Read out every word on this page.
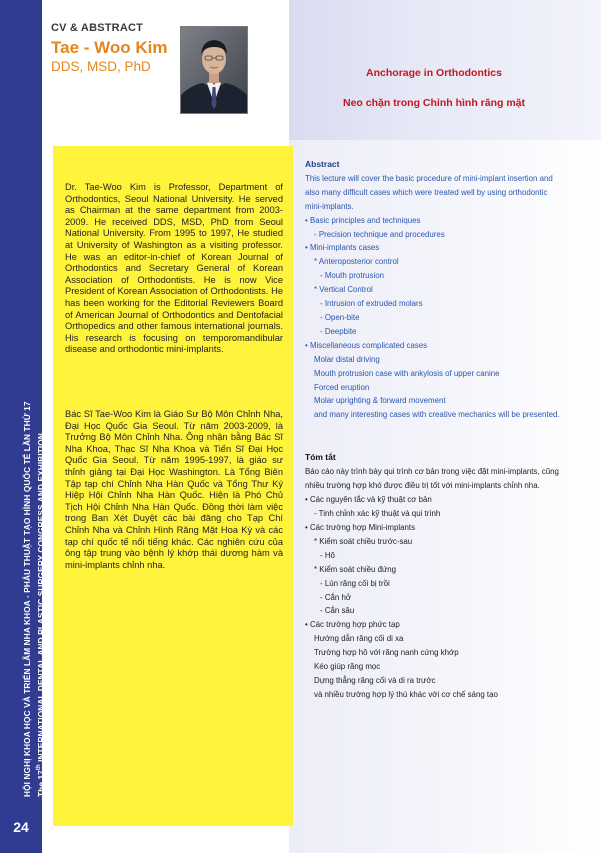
HỘI NGHỊ KHOA HỌC VÀ TRIỂN LÃM NHA KHOA - PHẪU THUẬT TẠO HÌNH QUỐC TẾ LẦN THỨ 17 The 17th INTERNATIONAL DENTAL AND PLASTIC SURGERY CONGRESS AND EXHIBITION
24
CV & ABSTRACT
Tae - Woo Kim
DDS, MSD, PhD	Anchorage in Orthodontics
Neo chặn trong Chỉnh hình răng mặt

Dr. Tae-Woo Kim is Professor, Department of Orthodontics, Seoul National University. He served as Chairman at the same department from 2003-2009. He received DDS, MSD, PhD from Seoul National University. From 1995 to 1997, He studied at University of Washington as a visiting professor. He was an editor-in-chief of Korean Journal of Orthodontics and Secretary General of Korean Association of Orthodontists. He is now Vice President of Korean Association of Orthodontists. He has been working for the Editorial Reviewers Board of American Journal of Orthodontics and Dentofacial Orthopedics and other famous international journals. His research is focusing on temporomandibular disease and orthodontic mini-implants.

Bác Sĩ Tae-Woo Kim là Giáo Sư Bộ Môn Chỉnh Nha, Đại Học Quốc Gia Seoul. Từ năm 2003-2009, là Trưởng Bộ Môn Chỉnh Nha. Ông nhận bằng Bác Sĩ Nha Khoa, Thạc Sĩ Nha Khoa và Tiến Sĩ Đại Học Quốc Gia Seoul. Từ năm 1995-1997, là giáo sư thỉnh giảng tại Đại Học Washington. Là Tổng Biên Tập tạp chí Chỉnh Nha Hàn Quốc và Tổng Thư Ký Hiệp Hội Chỉnh Nha Hàn Quốc. Hiện là Phó Chủ Tịch Hội Chỉnh Nha Hàn Quốc. Đồng thời làm việc trong Ban Xét Duyệt các bài đăng cho Tạp Chí Chỉnh Nha và Chỉnh Hình Răng Mặt Hoa Kỳ và các tạp chí quốc tế nổi tiếng khác. Các nghiên cứu của ông tập trung vào bệnh lý khớp thái dương hàm và mini-implants chỉnh nha.

Abstract
This lecture will cover the basic procedure of mini-implant insertion and
also many difficult cases which were treated well by using orthodontic
mini-implants.
• Basic principles and techniques
- Precision technique and procedures
• Mini-implants cases
* Anteroposterior control
- Mouth protrusion
* Vertical Control
- Intrusion of extruded molars
- Open-bite
- Deepbite
• Miscellaneous complicated cases
Molar distal driving
Mouth protrusion case with ankylosis of upper canine
Forced eruption
Molar uprighting & forward movement
and many interesting cases with creative mechanics will be presented.
Tóm tắt
Báo cáo này trình bày qui trình cơ bản trong việc đặt mini-implants, cũng
nhiều trường hợp khó được điều trị tốt với mini-implants chỉnh nha.
• Các nguyên tắc và kỹ thuật cơ bản
- Tinh chỉnh xác kỹ thuật và qui trình
• Các trường hợp Mini-implants
* Kiểm soát chiều trước-sau
- Hô
* Kiểm soát chiều đứng
- Lún răng cối bị trồi
- Cắn hở
- Cắn sâu
• Các trường hợp phức tạp
Hướng dẫn răng cối di xa
Trường hợp hô với răng nanh cứng khớp
Kéo giúp răng mọc
Dựng thẳng răng cối và di ra trước
và nhiều trường hợp lý thú khác với cơ chế sáng tạo
